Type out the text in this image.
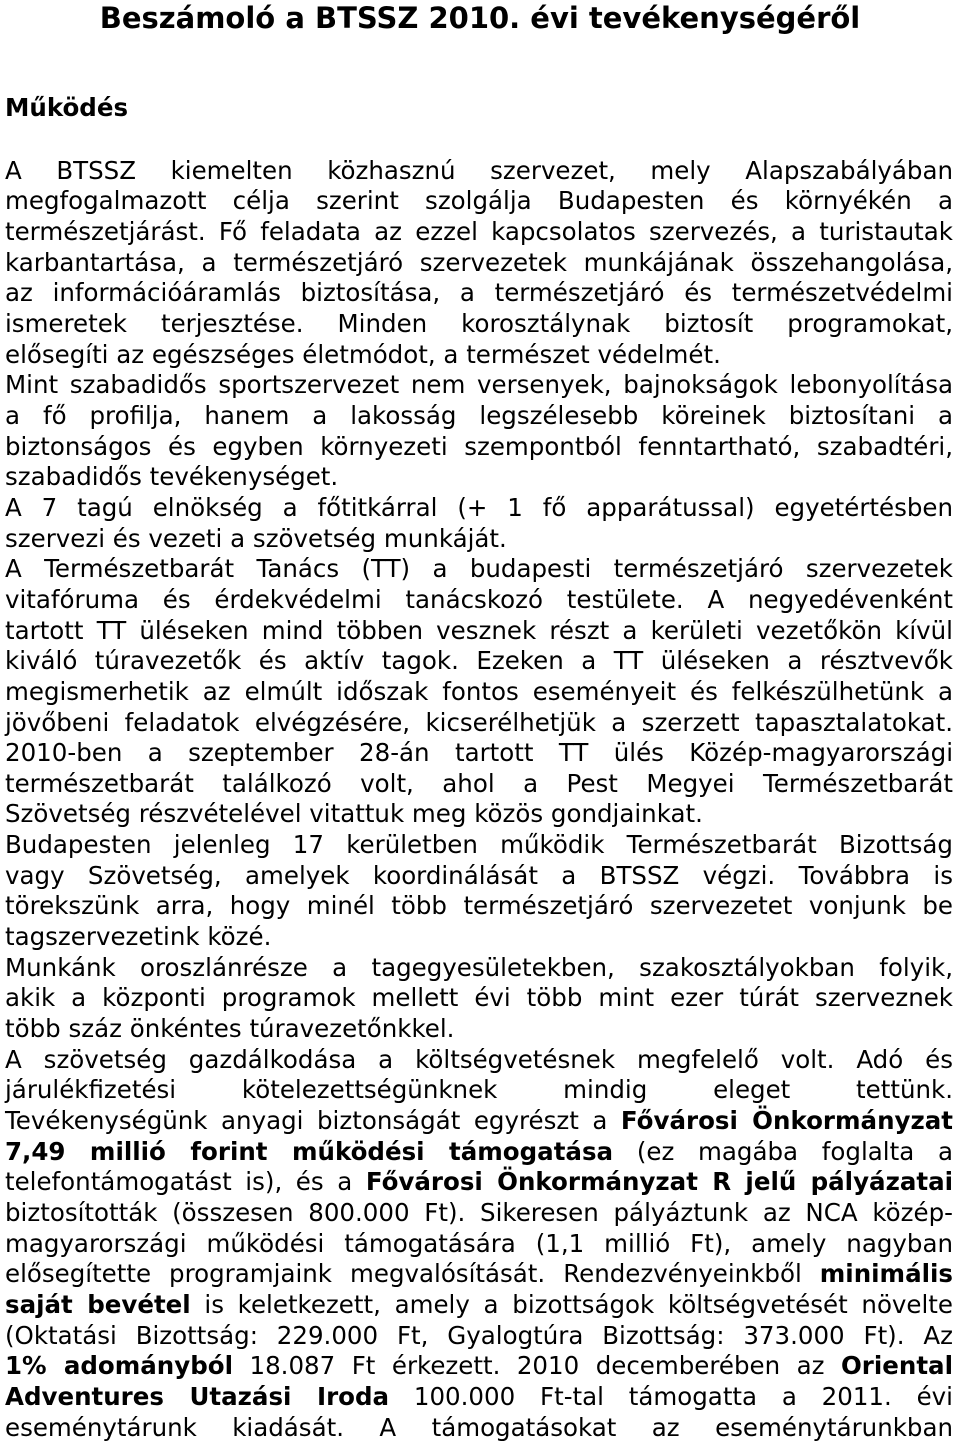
Beszámoló a BTSSZ 2010. évi tevékenységéről
Működés
A BTSSZ kiemelten közhasznú szervezet, mely Alapszabályában
megfogalmazott célja szerint szolgálja Budapesten és környékén a
természetjárást. Fő feladata az ezzel kapcsolatos szervezés, a turistautak
karbantartása, a természetjáró szervezetek munkájának összehangolása,
az információáramlás biztosítása, a természetjáró és természetvédelmi
ismeretek terjesztése. Minden korosztálynak biztosít programokat,
elősegíti az egészséges életmódot, a természet védelmét.
Mint szabadidős sportszervezet nem versenyek, bajnokságok lebonyolítása
a fő profilja, hanem a lakosság legszélesebb köreinek biztosítani a
biztonságos és egyben környezeti szempontból fenntartható, szabadtéri,
szabadidős tevékenységet.
A 7 tagú elnökség a főtitkárral (+ 1 fő apparátussal) egyetértésben
szervezi és vezeti a szövetség munkáját.
A Természetbarát Tanács (TT) a budapesti természetjáró szervezetek
vitafóruma és érdekvédelmi tanácskozó testülete. A negyedévenként
tartott TT üléseken mind többen vesznek részt a kerületi vezetőkön kívül
kiváló túravezetők és aktív tagok. Ezeken a TT üléseken a résztvevők
megismerhetik az elmúlt időszak fontos eseményeit és felkészülhetünk a
jövőbeni feladatok elvégzésére, kicserélhetjük a szerzett tapasztalatokat.
2010-ben a szeptember 28-án tartott TT ülés Közép-magyarországi
természetbarát találkozó volt, ahol a Pest Megyei Természetbarát
Szövetség részvételével vitattuk meg közös gondjainkat.
Budapesten jelenleg 17 kerületben működik Természetbarát Bizottság
vagy Szövetség, amelyek koordinálását a BTSSZ végzi. Továbbra is
törekszünk arra, hogy minél több természetjáró szervezetet vonjunk be
tagszervezetink közé.
Munkánk oroszlánrésze a tagegyesületekben, szakosztályokban folyik,
akik a központi programok mellett évi több mint ezer túrát szerveznek
több száz önkéntes túravezetőnkkel.
A szövetség gazdálkodása a költségvetésnek megfelelő volt. Adó és
járulékfizetési kötelezettségünknek mindig eleget tettünk.
Tevékenységünk anyagi biztonságát egyrészt a Fővárosi Önkormányzat
7,49 millió forint működési támogatása (ez magába foglalta a
telefontámogatást is), és a Fővárosi Önkormányzat R jelű pályázatai
biztosították (összesen 800.000 Ft). Sikeresen pályáztunk az NCA közép-
magyarországi működési támogatására (1,1 millió Ft), amely nagyban
elősegítette programjaink megvalósítását. Rendezvényeinkből minimális
saját bevétel is keletkezett, amely a bizottságok költségvetését növelte
(Oktatási Bizottság: 229.000 Ft, Gyalogtúra Bizottság: 373.000 Ft). Az
1% adományból 18.087 Ft érkezett. 2010 decemberében az Oriental
Adventures Utazási Iroda 100.000 Ft-tal támogatta a 2011. évi
eseménytárunk kiadását. A támogatásokat az eseménytárunkban
